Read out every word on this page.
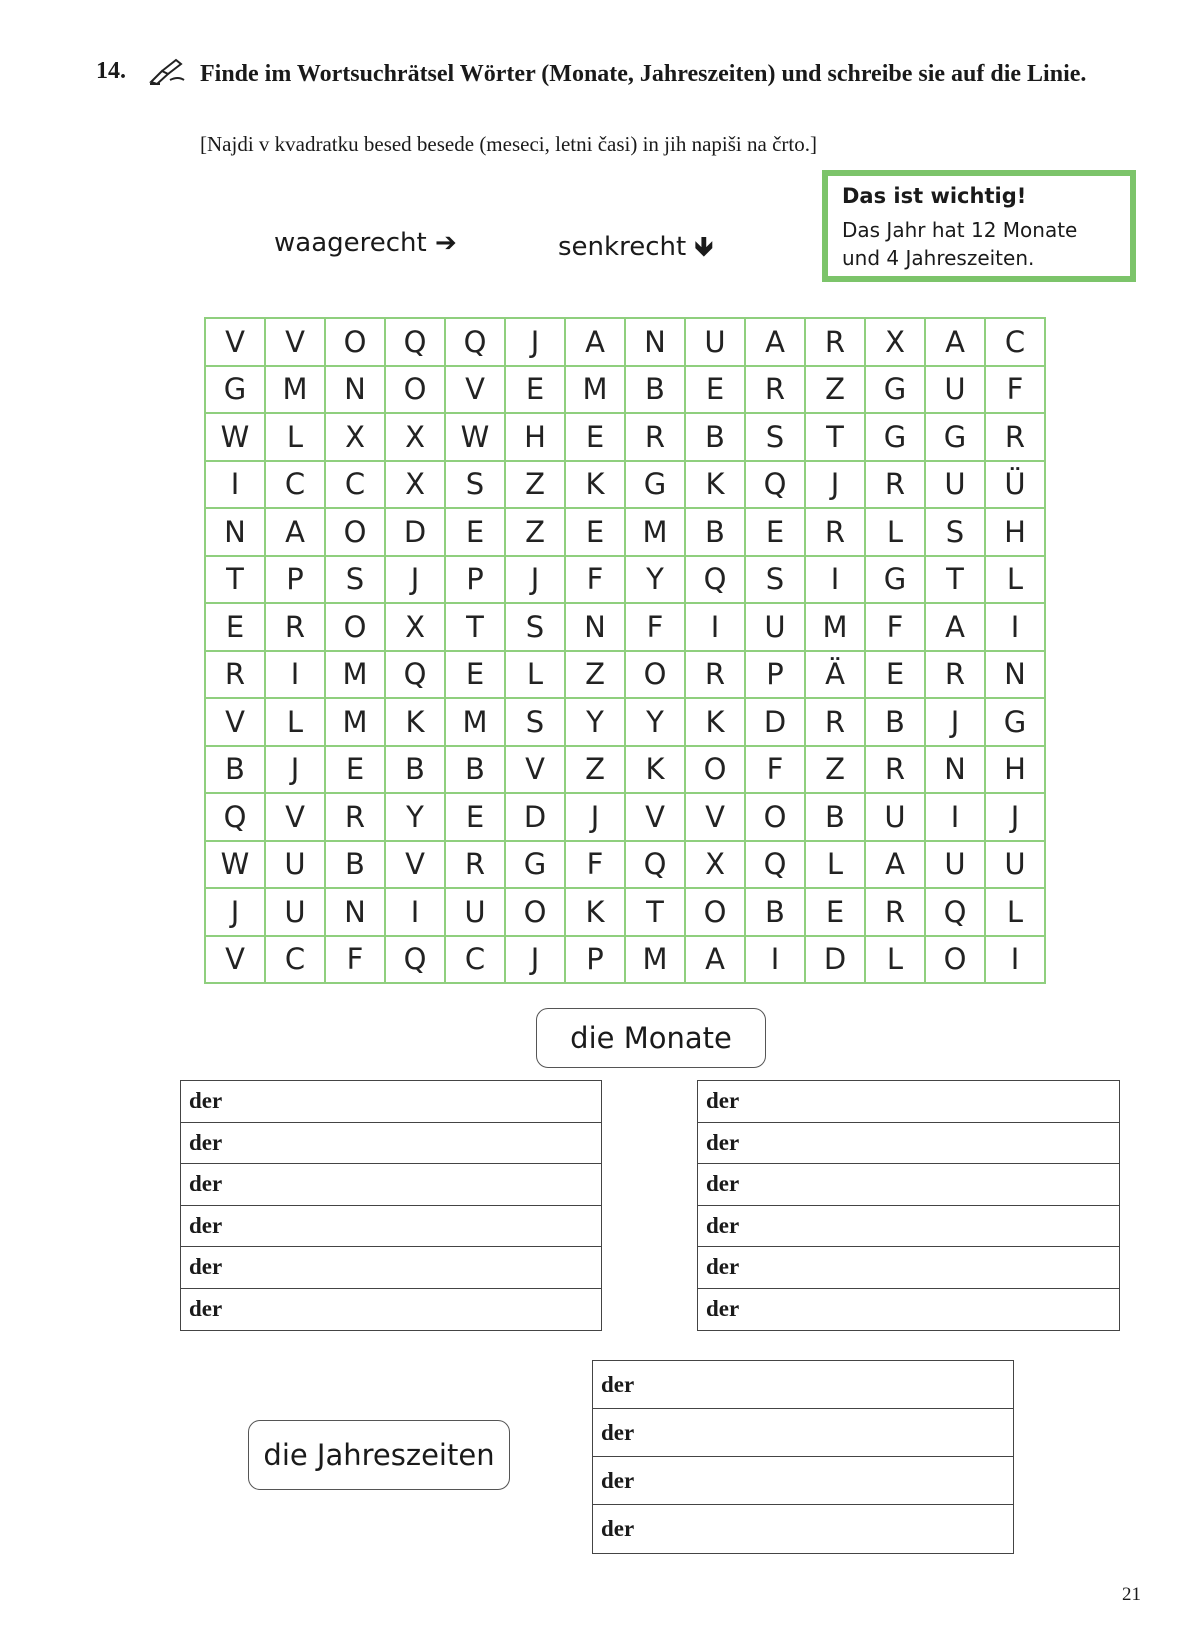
14.	Finde im Wortsuchrätsel Wörter (Monate, Jahreszeiten) und schreibe sie auf die Linie.
[Najdi v kvadratku besed besede (meseci, letni časi) in jih napiši na črto.]
Das ist wichtig!
Das Jahr hat 12 Monate und 4 Jahreszeiten.
waagerecht ➔	senkrecht 🡻
V	V	O	Q	Q	J	A	N	U	A	R	X	A	C
G	M	N	O	V	E	M	B	E	R	Z	G	U	F
W	L	X	X	W	H	E	R	B	S	T	G	G	R
I	C	C	X	S	Z	K	G	K	Q	J	R	U	Ü
N	A	O	D	E	Z	E	M	B	E	R	L	S	H
T	P	S	J	P	J	F	Y	Q	S	I	G	T	L
E	R	O	X	T	S	N	F	I	U	M	F	A	I
R	I	M	Q	E	L	Z	O	R	P	Ä	E	R	N
V	L	M	K	M	S	Y	Y	K	D	R	B	J	G
B	J	E	B	B	V	Z	K	O	F	Z	R	N	H
Q	V	R	Y	E	D	J	V	V	O	B	U	I	J
W	U	B	V	R	G	F	Q	X	Q	L	A	U	U
J	U	N	I	U	O	K	T	O	B	E	R	Q	L
V	C	F	Q	C	J	P	M	A	I	D	L	O	I
die Monate
der
der
der
der
der
der
der
der
der
der
der
der
die Jahreszeiten
der
der
der
der
21
